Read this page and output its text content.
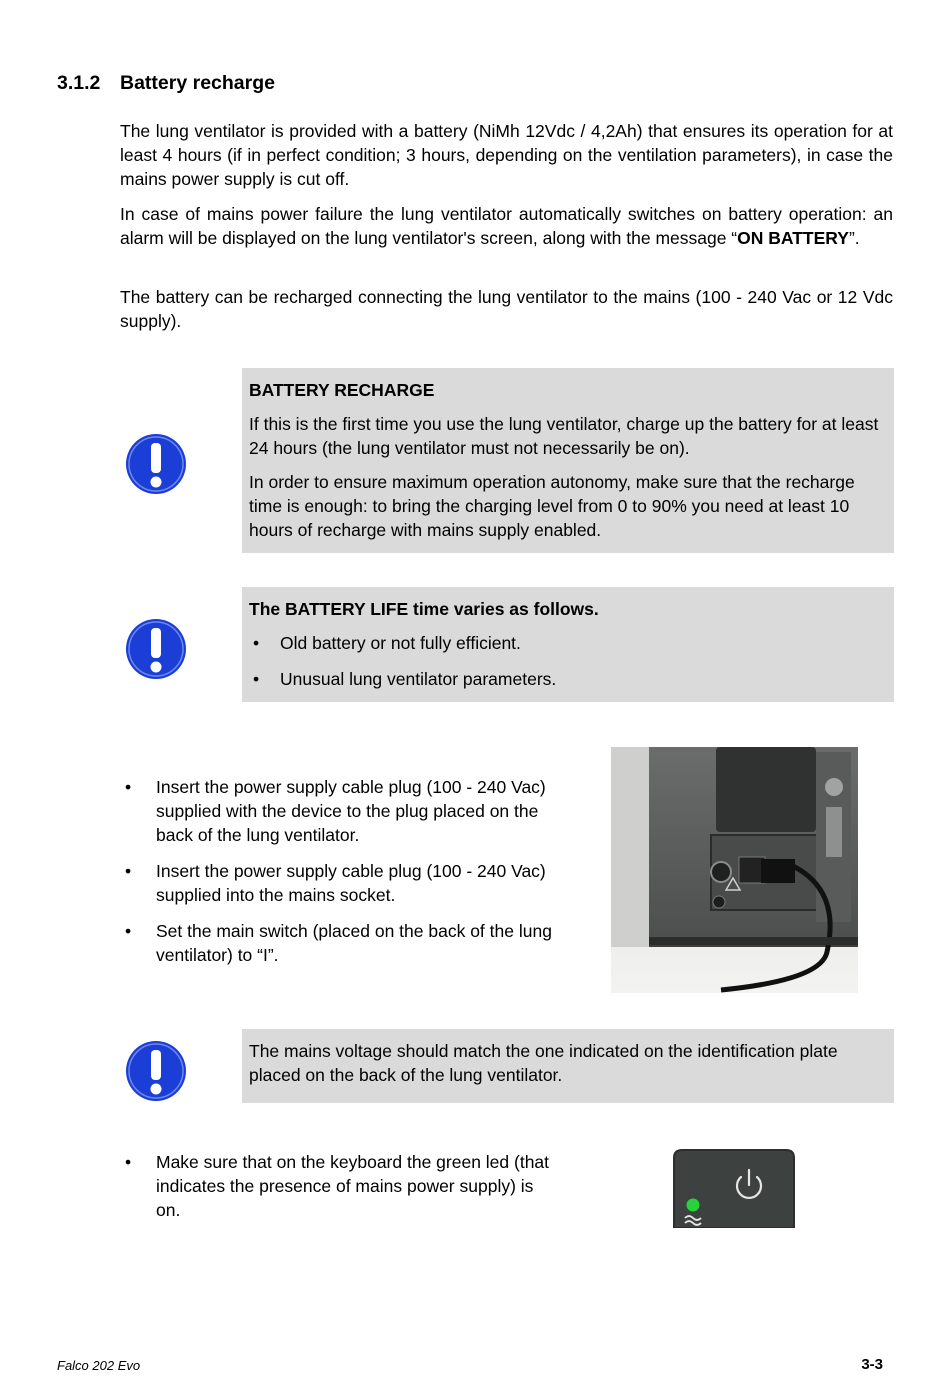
3.1.2 Battery recharge

The lung ventilator is provided with a battery (NiMh 12Vdc / 4,2Ah) that ensures its operation for at least 4 hours (if in perfect condition; 3 hours, depending on the ventilation parameters), in case the mains power supply is cut off.

In case of mains power failure the lung ventilator automatically switches on battery operation: an alarm will be displayed on the lung ventilator's screen, along with the message “ON BATTERY”.

The battery can be recharged connecting the lung ventilator to the mains (100 - 240 Vac or 12 Vdc supply).

BATTERY RECHARGE

If this is the first time you use the lung ventilator, charge up the battery for at least 24 hours (the lung ventilator must not necessarily be on).

In order to ensure maximum operation autonomy, make sure that the recharge time is enough: to bring the charging level from 0 to 90% you need at least 10 hours of recharge with mains supply enabled.

The BATTERY LIFE time varies as follows.
• Old battery or not fully efficient.
• Unusual lung ventilator parameters.
• Insert the power supply cable plug (100 - 240 Vac) supplied with the device to the plug placed on the back of the lung ventilator.
• Insert the power supply cable plug (100 - 240 Vac) supplied into the mains socket.
• Set the main switch (placed on the back of the lung ventilator) to “I”.

The mains voltage should match the one indicated on the identification plate placed on the back of the lung ventilator.

• Make sure that on the keyboard the green led (that indicates the presence of mains power supply) is on.
Falco 202 Evo	3-3
